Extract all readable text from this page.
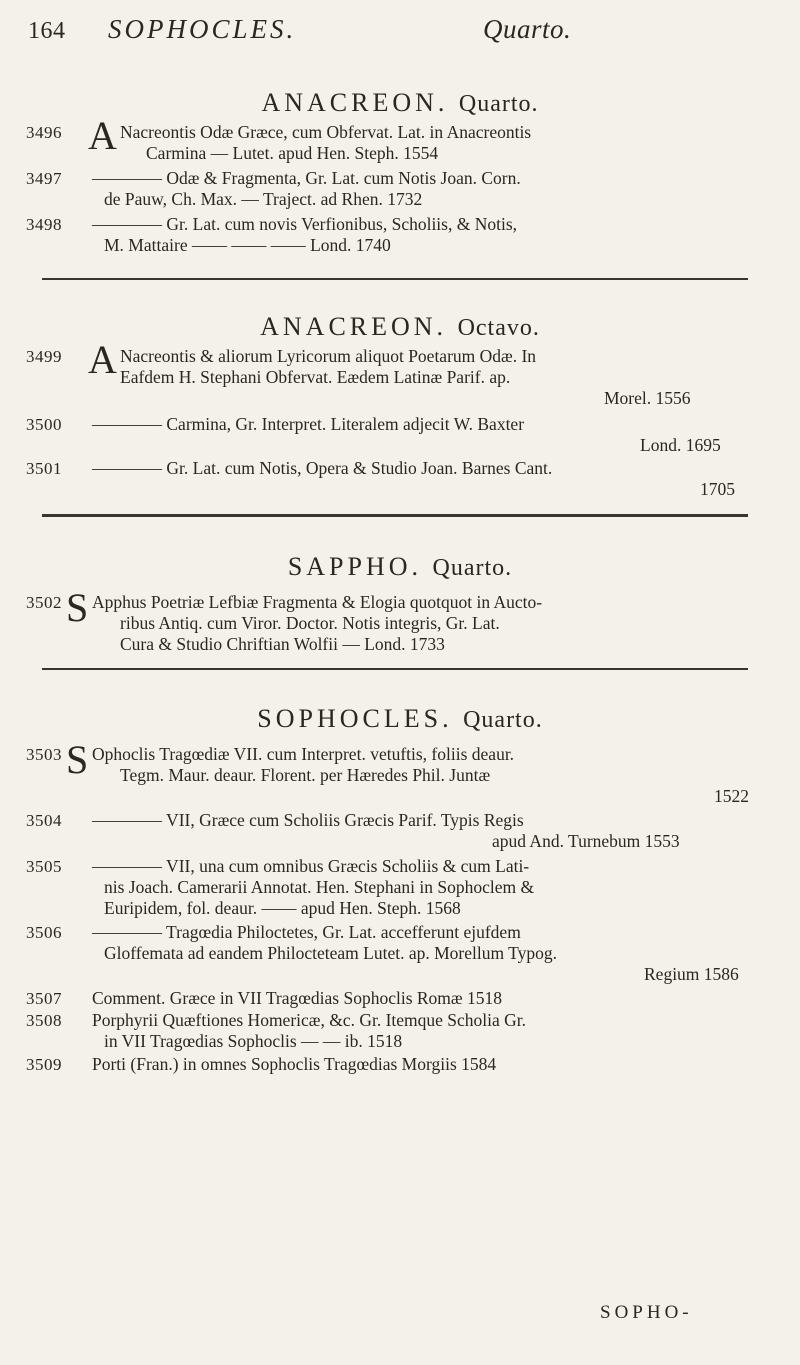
164 SOPHOCLES.	Quarto.
ANACREON. Quarto.
3496 A Nacreontis Odæ Græce, cum Obfervat. Lat. in Anacreontis
Carmina — Lutet. apud Hen. Steph. 1554
3497 ———— Odæ & Fragmenta, Gr. Lat. cum Notis Joan. Corn.
de Pauw, Ch. Max. — Traject. ad Rhen. 1732
3498 ———— Gr. Lat. cum novis Verfionibus, Scholiis, & Notis,
M. Mattaire —— —— —— Lond. 1740
ANACREON. Octavo.
3499 A Nacreontis & aliorum Lyricorum aliquot Poetarum Odæ. In
Eafdem H. Stephani Obfervat. Eædem Latinæ Parif. ap.
Morel. 1556
3500 ———— Carmina, Gr. Interpret. Literalem adjecit W. Baxter
Lond. 1695
3501 ———— Gr. Lat. cum Notis, Opera & Studio Joan. Barnes Cant.
1705
SAPPHO. Quarto.
3502 S Apphus Poetriæ Lefbiæ Fragmenta & Elogia quotquot in Aucto-
ribus Antiq. cum Viror. Doctor. Notis integris, Gr. Lat.
Cura & Studio Chriftian Wolfii — Lond. 1733
SOPHOCLES. Quarto.
3503 S Ophoclis Tragœdiæ VII. cum Interpret. vetuftis, foliis deaur.
Tegm. Maur. deaur. Florent. per Hæredes Phil. Juntæ
1522
3504 ———— VII, Græce cum Scholiis Græcis Parif. Typis Regis
apud And. Turnebum 1553
3505 ———— VII, una cum omnibus Græcis Scholiis & cum Lati-
nis Joach. Camerarii Annotat. Hen. Stephani in Sophoclem &
Euripidem, fol. deaur. —— apud Hen. Steph. 1568
3506 ———— Tragœdia Philoctetes, Gr. Lat. accefferunt ejufdem
Gloffemata ad eandem Philocteteam Lutet. ap. Morellum Typog.
Regium 1586
3507 Comment. Græce in VII Tragœdias Sophoclis Romæ 1518
3508 Porphyrii Quæftiones Homericæ, &c. Gr. Itemque Scholia Gr.
in VII Tragœdias Sophoclis — — ib. 1518
3509 Porti (Fran.) in omnes Sophoclis Tragœdias Morgiis 1584
SOPHO-
